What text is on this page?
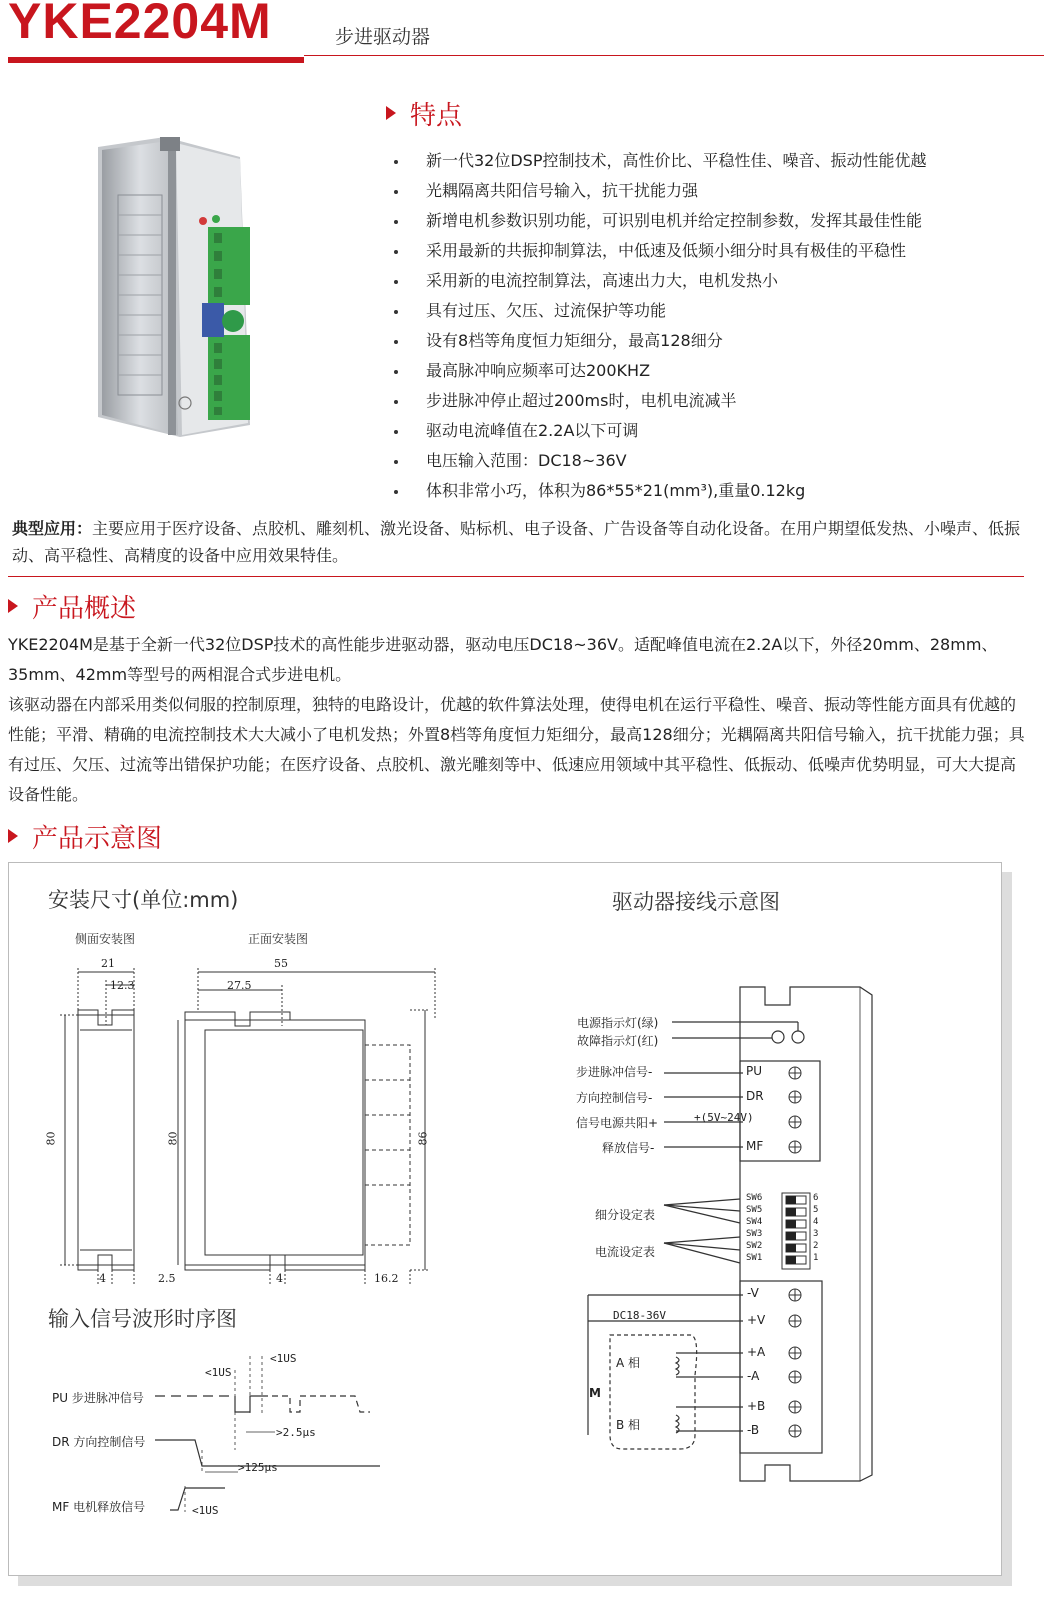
YKE2204M	步进驱动器
特点
新一代32位DSP控制技术，高性价比、平稳性佳、噪音、振动性能优越
光耦隔离共阳信号输入，抗干扰能力强
新增电机参数识别功能，可识别电机并给定控制参数，发挥其最佳性能
采用最新的共振抑制算法，中低速及低频小细分时具有极佳的平稳性
采用新的电流控制算法，高速出力大，电机发热小
具有过压、欠压、过流保护等功能
设有8档等角度恒力矩细分，最高128细分
最高脉冲响应频率可达200KHZ
步进脉冲停止超过200ms时，电机电流减半
驱动电流峰值在2.2A以下可调
电压输入范围：DC18~36V
体积非常小巧，体积为86*55*21(mm³),重量0.12kg
典型应用：主要应用于医疗设备、点胶机、雕刻机、激光设备、贴标机、电子设备、广告设备等自动化设备。在用户期望低发热、小噪声、低振动、高平稳性、高精度的设备中应用效果特佳。
产品概述
YKE2204M是基于全新一代32位DSP技术的高性能步进驱动器，驱动电压DC18~36V。适配峰值电流在2.2A以下，外径20mm、28mm、35mm、42mm等型号的两相混合式步进电机。
该驱动器在内部采用类似伺服的控制原理，独特的电路设计，优越的软件算法处理，使得电机在运行平稳性、噪音、振动等性能方面具有优越的性能；平滑、精确的电流控制技术大大减小了电机发热；外置8档等角度恒力矩细分，最高128细分；光耦隔离共阳信号输入，抗干扰能力强；具有过压、欠压、过流等出错保护功能；在医疗设备、点胶机、激光雕刻等中、低速应用领域中其平稳性、低振动、低噪声优势明显，可大大提高设备性能。
产品示意图
安装尺寸(单位:mm)
侧面安装图	正面安装图
21
12.3
80
4	2.5
55
27.5
80	86
4	16.2
输入信号波形时序图
PU 步进脉冲信号
DR 方向控制信号
MF 电机释放信号
<1US
<1US
>2.5μs
>125μs
<1US
驱动器接线示意图
电源指示灯(绿)
故障指示灯(红)
步进脉冲信号-
方向控制信号-
信号电源共阳+
释放信号-
+(5V~24V)
PU
DR
MF
细分设定表
电流设定表
SW6
SW5
SW4
SW3
SW2
SW1
6
5
4
3
2
1
DC18-36V
-V
+V
+A
-A
+B
-B
A 相
B 相
M
